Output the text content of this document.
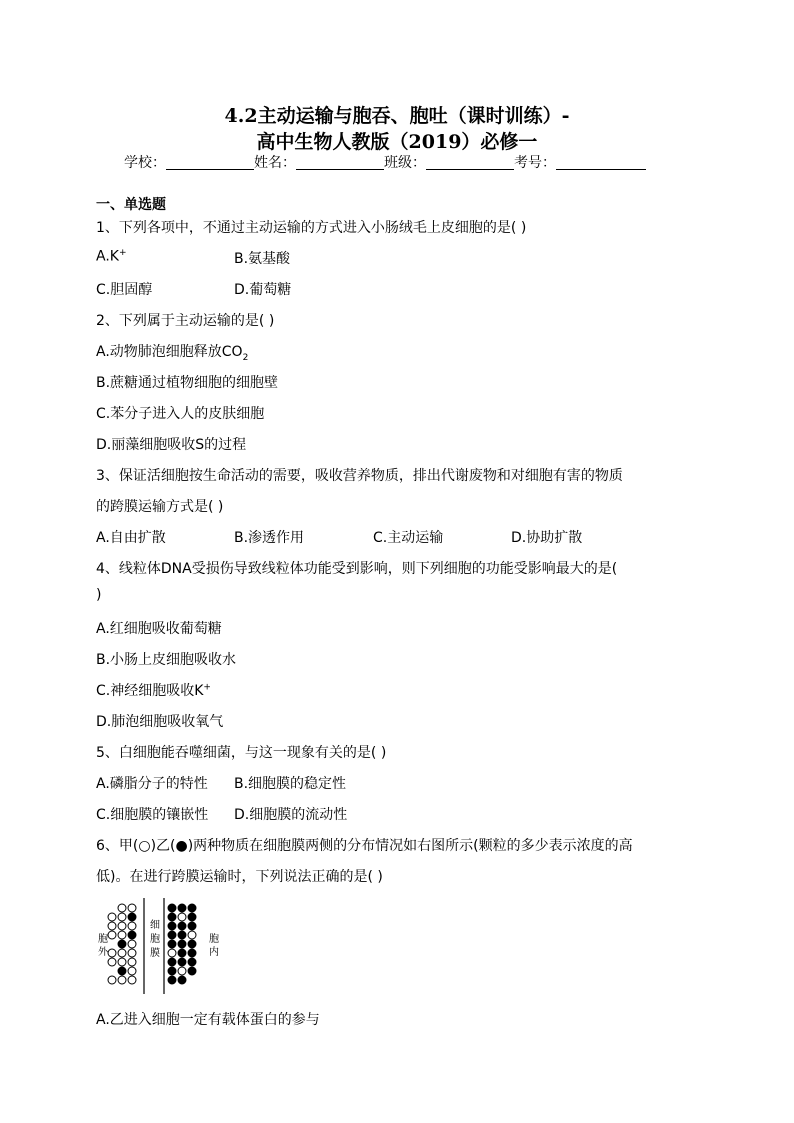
4.2主动运输与胞吞、胞吐（课时训练）-
高中生物人教版（2019）必修一
学校：	姓名：	班级：	考号：
一、单选题
1、下列各项中，不通过主动运输的方式进入小肠绒毛上皮细胞的是( )
A.K+	B.氨基酸
C.胆固醇	D.葡萄糖
2、下列属于主动运输的是( )
A.动物肺泡细胞释放$CO_2$
B.蔗糖通过植物细胞的细胞壁
C.苯分子进入人的皮肤细胞
D.丽藻细胞吸收S的过程
3、保证活细胞按生命活动的需要，吸收营养物质，排出代谢废物和对细胞有害的物质
的跨膜运输方式是( )
A.自由扩散	B.渗透作用	C.主动运输	D.协助扩散
4、线粒体DNA受损伤导致线粒体功能受到影响，则下列细胞的功能受影响最大的是(
)
A.红细胞吸收葡萄糖
B.小肠上皮细胞吸收水
C.神经细胞吸收K+
D.肺泡细胞吸收氧气
5、白细胞能吞噬细菌，与这一现象有关的是( )
A.磷脂分子的特性 B.细胞膜的稳定性
C.细胞膜的镶嵌性 D.细胞膜的流动性
6、甲(○)乙(●)两种物质在细胞膜两侧的分布情况如右图所示(颗粒的多少表示浓度的高
低)。在进行跨膜运输时，下列说法正确的是( )
胞 外
细 胞 膜
胞 内
A.乙进入细胞一定有载体蛋白的参与
